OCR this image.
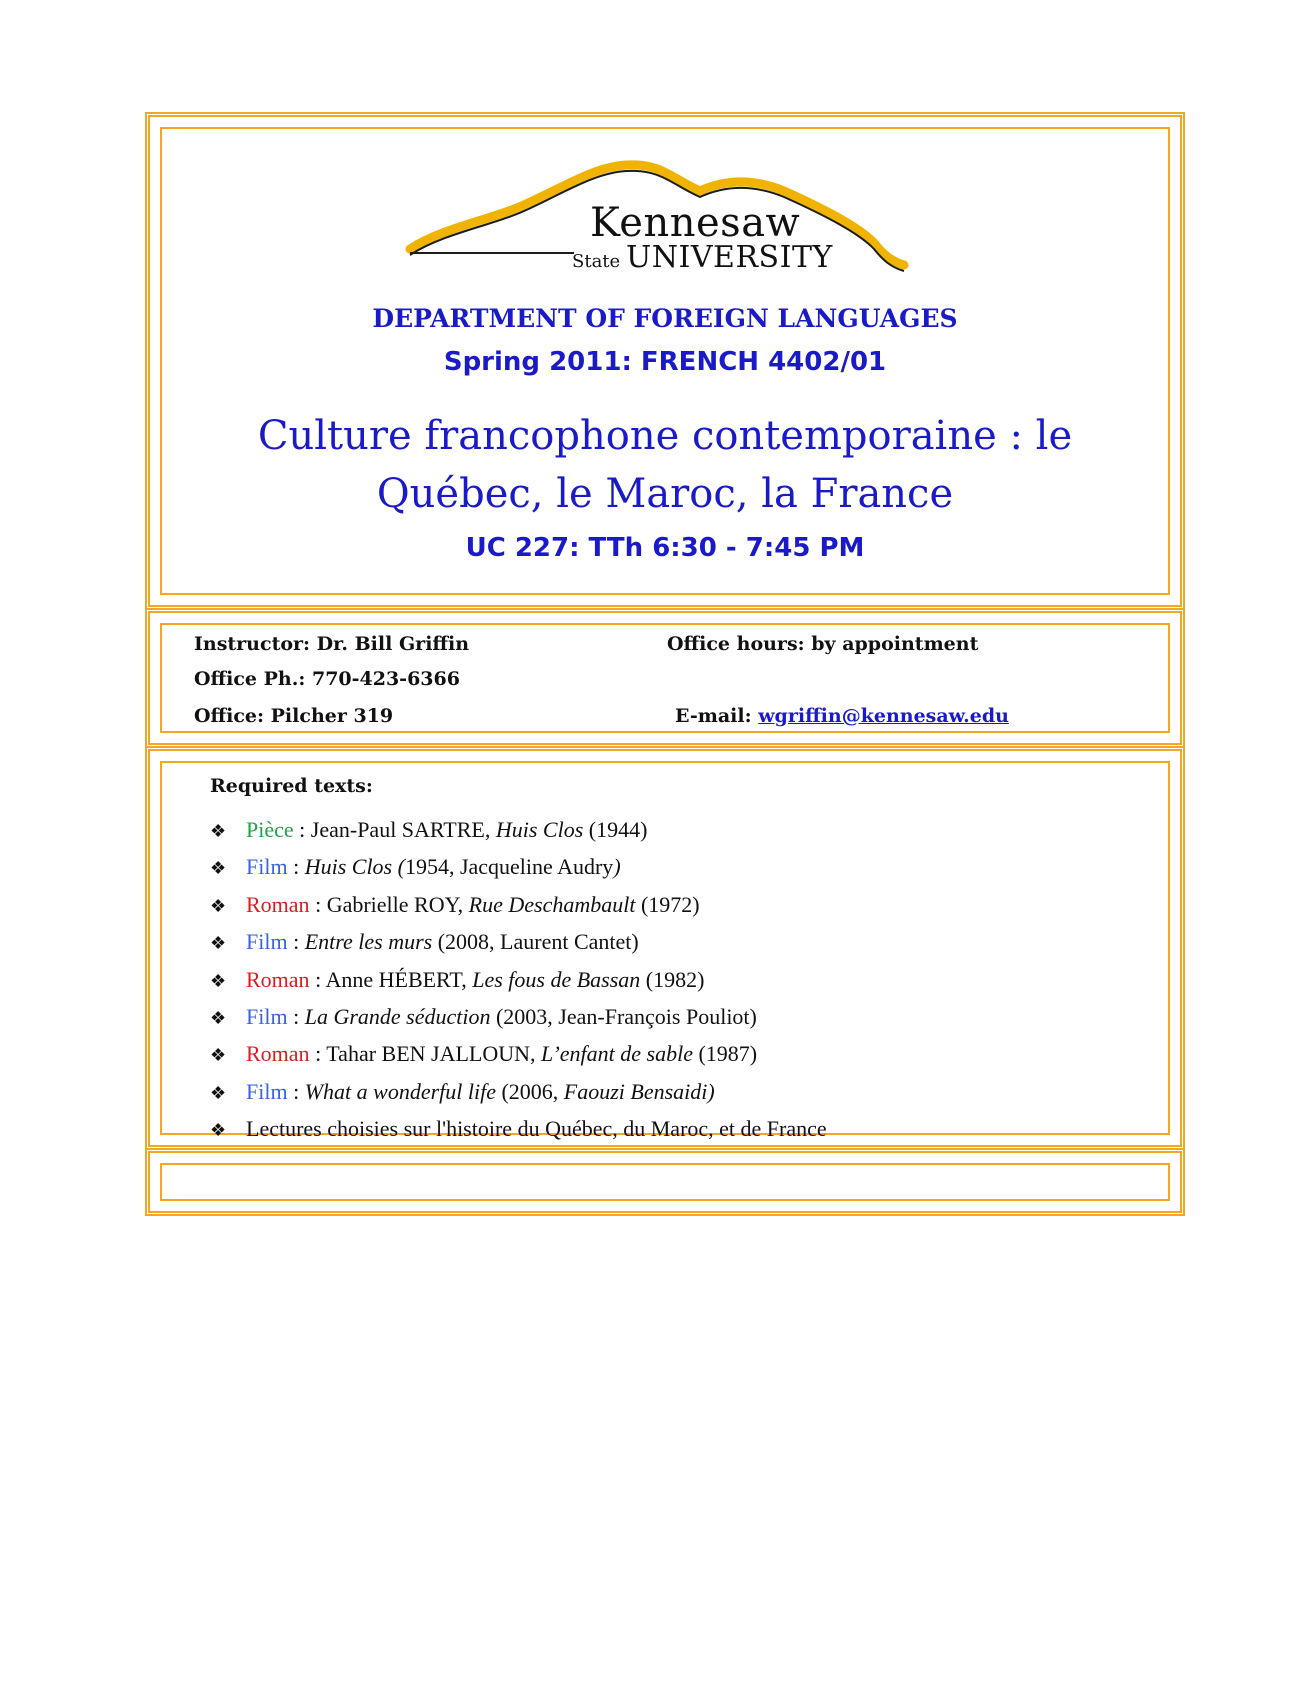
Kennesaw
State UNIVERSITY
DEPARTMENT OF FOREIGN LANGUAGES
Spring 2011: FRENCH 4402/01
Culture francophone contemporaine : le
Québec, le Maroc, la France
UC 227: TTh 6:30 - 7:45 PM
Instructor: Dr. Bill Griffin	Office hours: by appointment
Office Ph.: 770-423-6366
Office: Pilcher 319	E-mail: wgriffin@kennesaw.edu
Required texts:
❖ Pièce : Jean-Paul SARTRE, Huis Clos (1944)
❖ Film : Huis Clos (1954, Jacqueline Audry)
❖ Roman : Gabrielle ROY, Rue Deschambault (1972)
❖ Film : Entre les murs (2008, Laurent Cantet)
❖ Roman : Anne HÉBERT, Les fous de Bassan (1982)
❖ Film : La Grande séduction (2003, Jean-François Pouliot)
❖ Roman : Tahar BEN JALLOUN, L’enfant de sable (1987)
❖ Film : What a wonderful life (2006, Faouzi Bensaidi)
❖ Lectures choisies sur l'histoire du Québec, du Maroc, et de France
